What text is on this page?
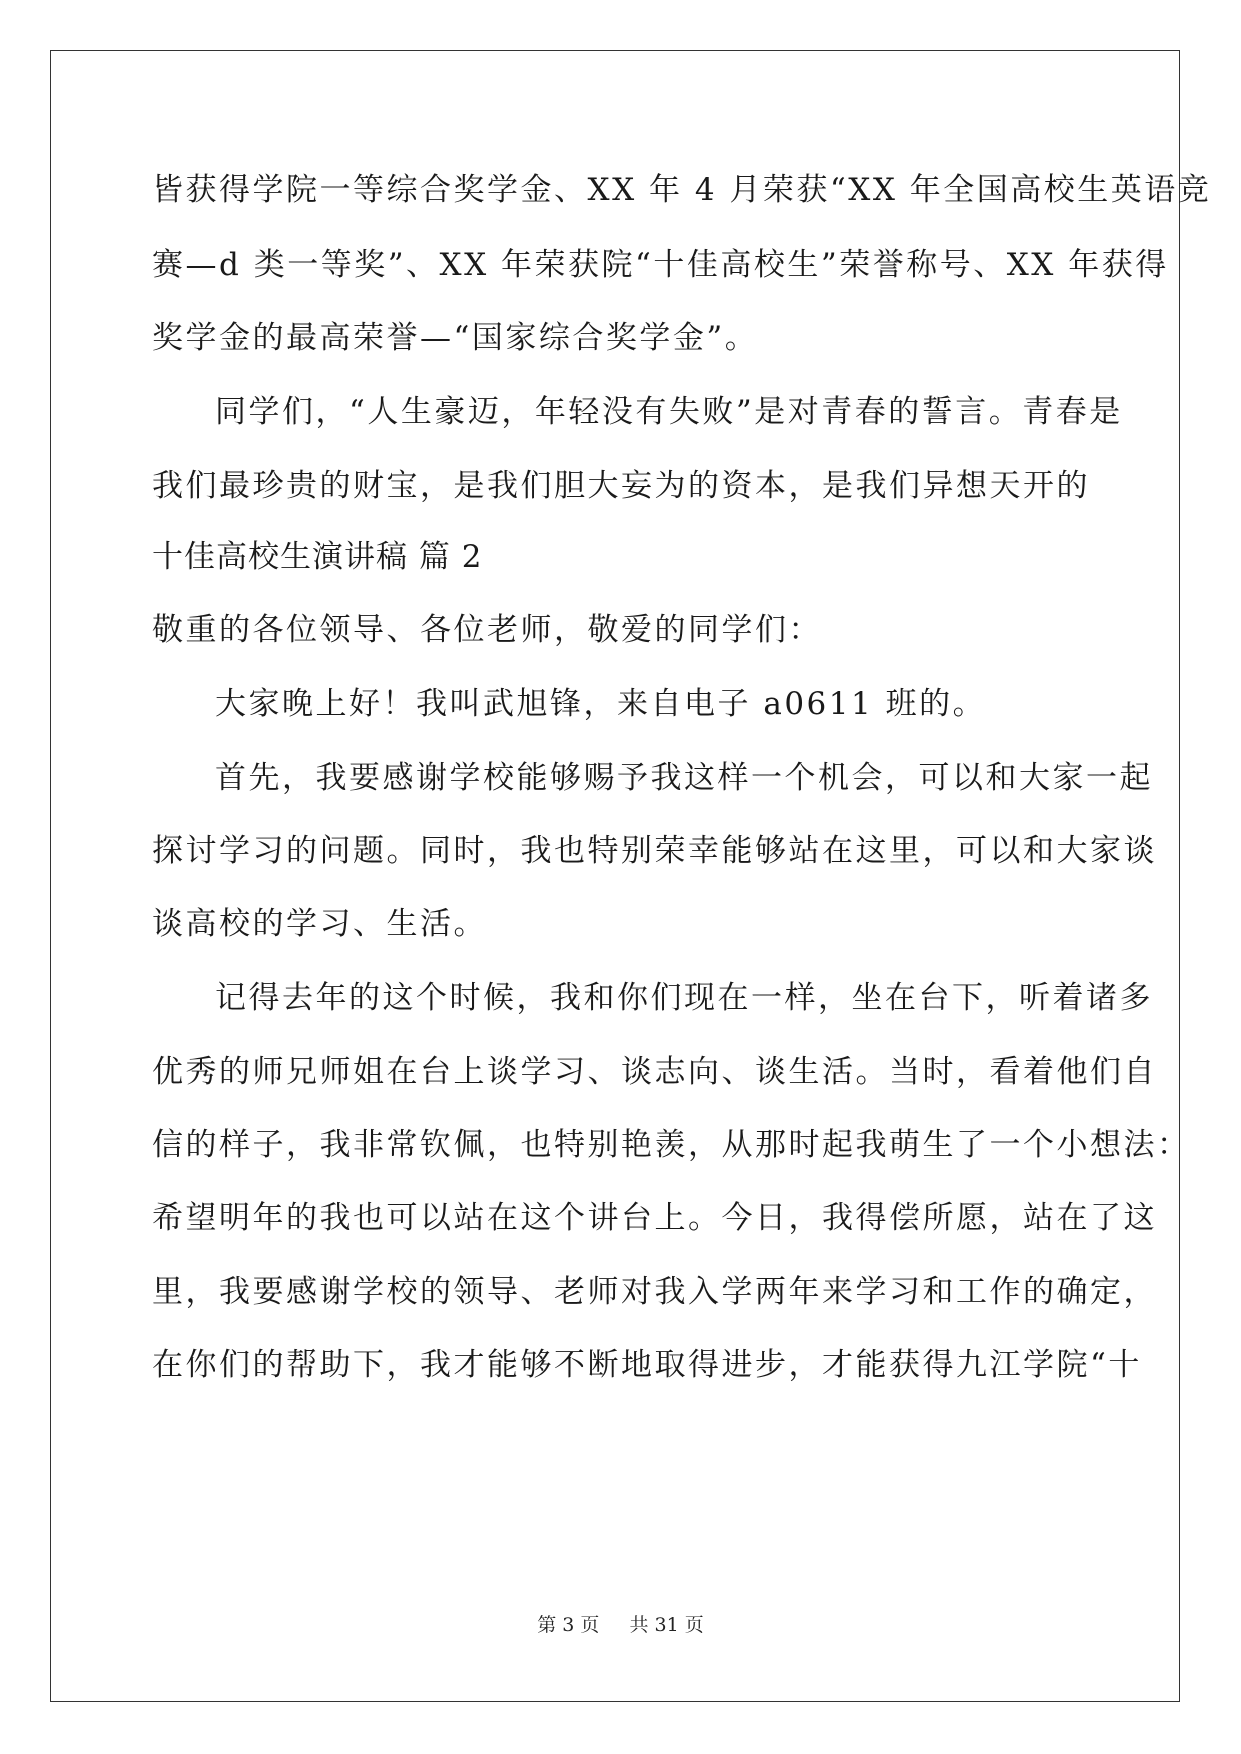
皆获得学院一等综合奖学金、XX 年 4 月荣获“XX 年全国高校生英语竞
赛—d 类一等奖”、XX 年荣获院“十佳高校生”荣誉称号、XX 年获得
奖学金的最高荣誉—“国家综合奖学金”。
同学们，“人生豪迈，年轻没有失败”是对青春的誓言。青春是
我们最珍贵的财宝，是我们胆大妄为的资本，是我们异想天开的
十佳高校生演讲稿 篇 2
敬重的各位领导、各位老师，敬爱的同学们：
大家晚上好！我叫武旭锋，来自电子 a0611 班的。
首先，我要感谢学校能够赐予我这样一个机会，可以和大家一起
探讨学习的问题。同时，我也特别荣幸能够站在这里，可以和大家谈
谈高校的学习、生活。
记得去年的这个时候，我和你们现在一样，坐在台下，听着诸多
优秀的师兄师姐在台上谈学习、谈志向、谈生活。当时，看着他们自
信的样子，我非常钦佩，也特别艳羡，从那时起我萌生了一个小想法：
希望明年的我也可以站在这个讲台上。今日，我得偿所愿，站在了这
里，我要感谢学校的领导、老师对我入学两年来学习和工作的确定，
在你们的帮助下，我才能够不断地取得进步，才能获得九江学院“十
第 3 页 共 31 页
